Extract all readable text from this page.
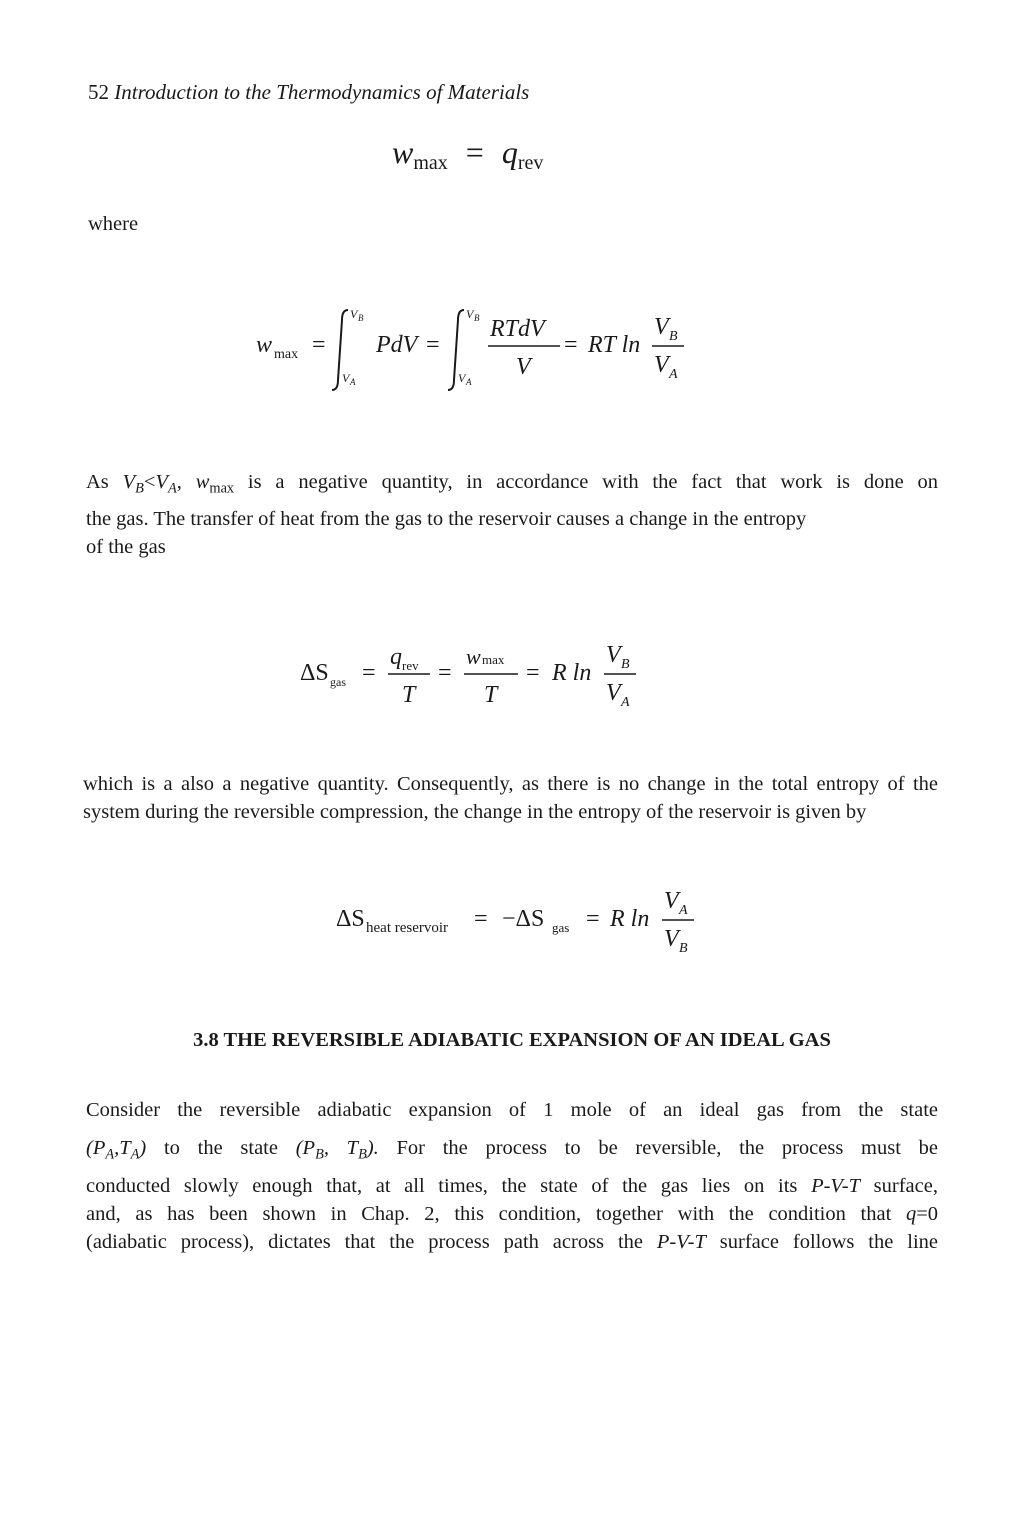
52 Introduction to the Thermodynamics of Materials
$w_{max} = q_{rev}$
where
w max =
V B
V A
PdV =
V B
V A
RTdV
V
= RT ln
V B
V A
As $V_B<V_A$, $w_{max}$ is a negative quantity, in accordance with the fact that work is done on
the gas. The transfer of heat from the gas to the reservoir causes a change in the entropy
of the gas
ΔS gas =
q rev
T
=
w max
T
= R ln
V B
V A
which is a also a negative quantity. Consequently, as there is no change in the total entropy of the system during the reversible compression, the change in the entropy of the reservoir is given by
ΔS heat reservoir = −ΔS gas = R ln
V A
V B
3.8 THE REVERSIBLE ADIABATIC EXPANSION OF AN IDEAL GAS
Consider the reversible adiabatic expansion of 1 mole of an ideal gas from the state
$(P_A,T_A)$ to the state ($P_B$, $T_B$). For the process to be reversible, the process must be
conducted slowly enough that, at all times, the state of the gas lies on its P-V-T surface,
and, as has been shown in Chap. 2, this condition, together with the condition that q=0
(adiabatic process), dictates that the process path across the P-V-T surface follows the line
